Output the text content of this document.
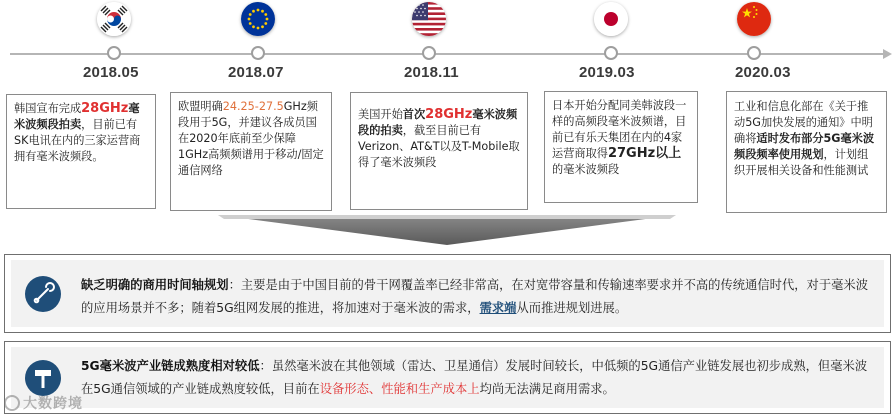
2018.05	2018.07	2018.11	2019.03	2020.03
韩国宣布完成28GHz毫米波频段拍卖，目前已有SK电讯在内的三家运营商拥有毫米波频段。
欧盟明确24.25-27.5GHz频段用于5G，并建议各成员国在2020年底前至少保障1GHz高频频谱用于移动/固定通信网络
美国开始首次28GHz毫米波频段的拍卖，截至目前已有Verizon、AT&T以及T-Mobile取得了毫米波频段
日本开始分配同美韩波段一样的高频段毫米波频谱，目前已有乐天集团在内的4家运营商取得27GHz以上的毫米波频段
工业和信息化部在《关于推动5G加快发展的通知》中明确将适时发布部分5G毫米波频段频率使用规划，计划组织开展相关设备和性能测试
缺乏明确的商用时间轴规划：主要是由于中国目前的骨干网覆盖率已经非常高，在对宽带容量和传输速率要求并不高的传统通信时代，对于毫米波的应用场景并不多；随着5G组网发展的推进，将加速对于毫米波的需求，需求端从而推进规划进展。
5G毫米波产业链成熟度相对较低：虽然毫米波在其他领域（雷达、卫星通信）发展时间较长，中低频的5G通信产业链发展也初步成熟，但毫米波在5G通信领域的产业链成熟度较低，目前在设备形态、性能和生产成本上均尚无法满足商用需求。
大数跨境
